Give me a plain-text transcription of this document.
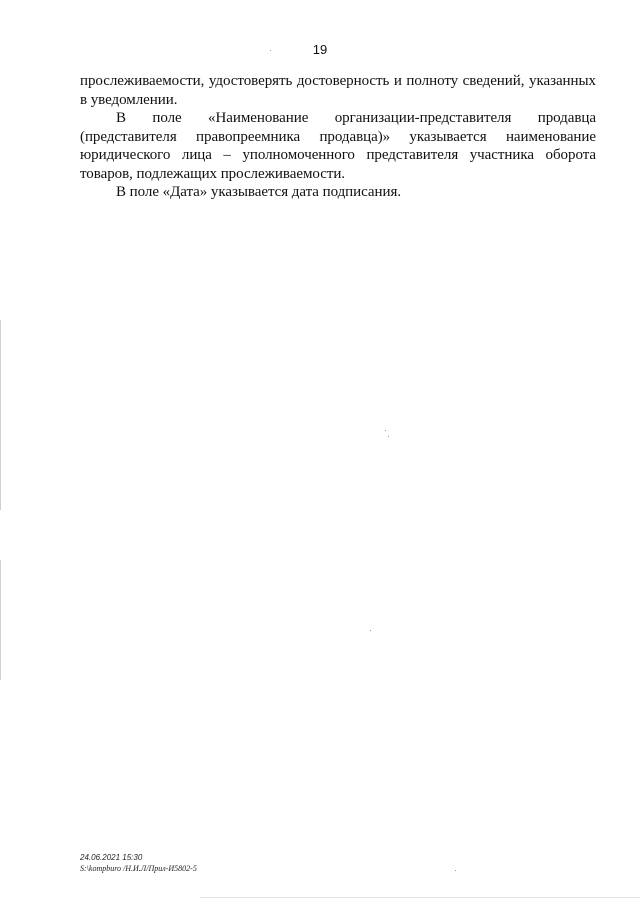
19

прослеживаемости, удостоверять достоверность и полноту сведений, указанных в уведомлении.

В поле «Наименование организации-представителя продавца (представителя правопреемника продавца)» указывается наименование юридического лица – уполномоченного представителя участника оборота товаров, подлежащих прослеживаемости.

В поле «Дата» указывается дата подписания.

24.06.2021 15:30
S:\kompburo /Н.И.Л/Прил-И5802-5
